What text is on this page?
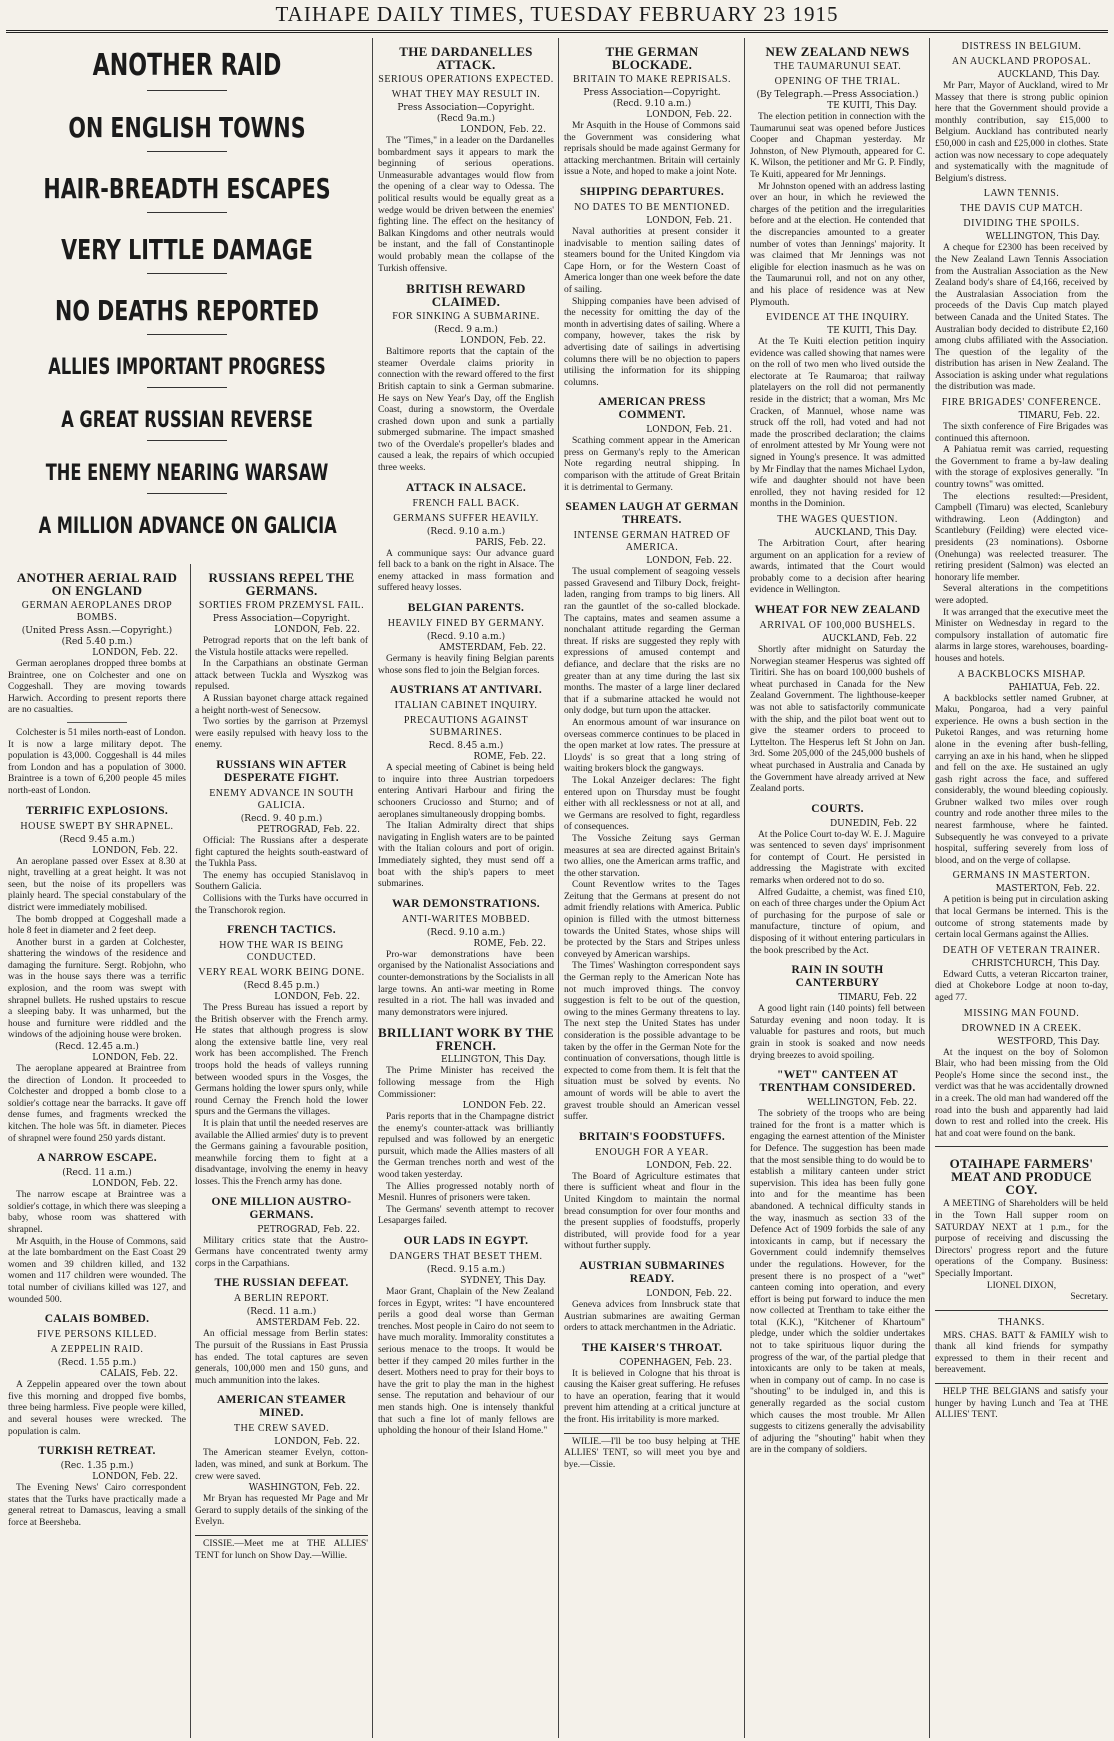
TAIHAPE DAILY TIMES, TUESDAY FEBRUARY 23 1915
ANOTHER RAID
ON ENGLISH TOWNS
HAIR-BREADTH ESCAPES
VERY LITTLE DAMAGE
NO DEATHS REPORTED
ALLIES IMPORTANT PROGRESS
A GREAT RUSSIAN REVERSE
THE ENEMY NEARING WARSAW
A MILLION ADVANCE ON GALICIA
ANOTHER AERIAL RAID ON ENGLAND
GERMAN AEROPLANES DROP BOMBS.
(United Press Assn.—Copyright.)
(Red 5.40 p.m.)
LONDON, Feb. 22.

German aeroplanes dropped three bombs at Braintree, one on Colchester and one on Coggeshall. They are moving towards Harwich. According to present reports there are no casualties.

Colchester is 51 miles north-east of London. It is now a large military depot. The population is 43,000. Coggeshall is 44 miles from London and has a population of 3000. Braintree is a town of 6,200 people 45 miles north-east of London.

TERRIFIC EXPLOSIONS.
HOUSE SWEPT BY SHRAPNEL.
(Recd 9.45 a.m.)
LONDON, Feb. 22.

An aeroplane passed over Essex at 8.30 at night, travelling at a great height. It was not seen, but the noise of its propellers was plainly heard. The special constabulary of the district were immediately mobilised.

The bomb dropped at Coggeshall made a hole 8 feet in diameter and 2 feet deep.

Another burst in a garden at Colchester, shattering the windows of the residence and damaging the furniture. Sergt. Robjohn, who was in the house says there was a terrific explosion, and the room was swept with shrapnel bullets. He rushed upstairs to rescue a sleeping baby. It was unharmed, but the house and furniture were riddled and the windows of the adjoining house were broken.

(Recd. 12.45 a.m.)
LONDON, Feb. 22.

The aeroplane appeared at Braintree from the direction of London. It proceeded to Colchester and dropped a bomb close to a soldier's cottage near the barracks. It gave off dense fumes, and fragments wrecked the kitchen. The hole was 5ft. in diameter. Pieces of shrapnel were found 250 yards distant.

A NARROW ESCAPE.
(Recd. 11 a.m.)
LONDON, Feb. 22.

The narrow escape at Braintree was a soldier's cottage, in which there was sleeping a baby, whose room was shattered with shrapnel.

Mr Asquith, in the House of Commons, said at the late bombardment on the East Coast 29 women and 39 children killed, and 132 women and 117 children were wounded. The total number of civilians killed was 127, and wounded 500.

CALAIS BOMBED.
FIVE PERSONS KILLED.
A ZEPPELIN RAID.
(Recd. 1.55 p.m.)
CALAIS, Feb. 22.

A Zeppelin appeared over the town about five this morning and dropped five bombs, three being harmless. Five people were killed, and several houses were wrecked. The population is calm.

TURKISH RETREAT.
(Rec. 1.35 p.m.)
LONDON, Feb. 22.

The Evening News' Cairo correspondent states that the Turks have practically made a general retreat to Damascus, leaving a small force at Beersheba.

RUSSIANS REPEL THE GERMANS.
SORTIES FROM PRZEMYSL FAIL.
Press Association—Copyright.
LONDON, Feb. 22.

Petrograd reports that on the left bank of the Vistula hostile attacks were repelled.

In the Carpathians an obstinate German attack between Tuckla and Wyszkog was repulsed.

A Russian bayonet charge attack regained a height north-west of Senecsow.

Two sorties by the garrison at Przemysl were easily repulsed with heavy loss to the enemy.

RUSSIANS WIN AFTER DESPERATE FIGHT.
ENEMY ADVANCE IN SOUTH GALICIA.
(Recd. 9. 40 p.m.)
PETROGRAD, Feb. 22.

Official: The Russians after a desperate fight captured the heights south-eastward of the Tukhla Pass.

The enemy has occupied Stanislavoq in Southern Galicia.

Collisions with the Turks have occurred in the Transchorok region.

FRENCH TACTICS.
HOW THE WAR IS BEING CONDUCTED.
VERY REAL WORK BEING DONE.
(Recd 8.45 p.m.)
LONDON, Feb. 22.

The Press Bureau has issued a report by the British observer with the French army. He states that although progress is slow along the extensive battle line, very real work has been accomplished. The French troops hold the heads of valleys running between wooded spurs in the Vosges, the Germans holding the lower spurs only, while round Cernay the French hold the lower spurs and the Germans the villages.

It is plain that until the needed reserves are available the Allied armies' duty is to prevent the Germans gaining a favourable position, meanwhile forcing them to fight at a disadvantage, involving the enemy in heavy losses. This the French army has done.

ONE MILLION AUSTRO-GERMANS.
PETROGRAD, Feb. 22.

Military critics state that the Austro-Germans have concentrated twenty army corps in the Carpathians.

THE RUSSIAN DEFEAT.
A BERLIN REPORT.
(Recd. 11 a.m.)
AMSTERDAM Feb. 22.

An official message from Berlin states: The pursuit of the Russians in East Prussia has ended. The total captures are seven generals, 100,000 men and 150 guns, and much ammunition into the lakes.

AMERICAN STEAMER MINED.
THE CREW SAVED.
LONDON, Feb. 22.

The American steamer Evelyn, cotton-laden, was mined, and sunk at Borkum. The crew were saved.

WASHINGTON, Feb. 22.

Mr Bryan has requested Mr Page and Mr Gerard to supply details of the sinking of the Evelyn.

CISSIE.—Meet me at THE ALLIES' TENT for lunch on Show Day.—Willie.

THE DARDANELLES ATTACK.
SERIOUS OPERATIONS EXPECTED.
WHAT THEY MAY RESULT IN.
Press Association—Copyright.
(Recd 9a.m.)
LONDON, Feb. 22.

The "Times," in a leader on the Dardanelles bombardment says it appears to mark the beginning of serious operations. Unmeasurable advantages would flow from the opening of a clear way to Odessa. The political results would be equally great as a wedge would be driven between the enemies' fighting line. The effect on the hesitancy of Balkan Kingdoms and other neutrals would be instant, and the fall of Constantinople would probably mean the collapse of the Turkish offensive.

BRITISH REWARD CLAIMED.
FOR SINKING A SUBMARINE.
(Recd. 9 a.m.)
LONDON, Feb. 22.

Baltimore reports that the captain of the steamer Overdale claims priority in connection with the reward offered to the first British captain to sink a German submarine. He says on New Year's Day, off the English Coast, during a snowstorm, the Overdale crashed down upon and sunk a partially submerged submarine. The impact smashed two of the Overdale's propeller's blades and caused a leak, the repairs of which occupied three weeks.

ATTACK IN ALSACE.
FRENCH FALL BACK.
GERMANS SUFFER HEAVILY.
(Recd. 9.10 a.m.)
PARIS, Feb. 22.

A communique says: Our advance guard fell back to a bank on the right in Alsace. The enemy attacked in mass formation and suffered heavy losses.

BELGIAN PARENTS.
HEAVILY FINED BY GERMANY.
(Recd. 9.10 a.m.)
AMSTERDAM, Feb. 22.

Germany is heavily fining Belgian parents whose sons fled to join the Belgian forces.

AUSTRIANS AT ANTIVARI.
ITALIAN CABINET INQUIRY.
PRECAUTIONS AGAINST SUBMARINES.
Recd. 8.45 a.m.)
ROME, Feb. 22.

A special meeting of Cabinet is being held to inquire into three Austrian torpedoers entering Antivari Harbour and firing the schooners Cruciosso and Sturno; and of aeroplanes simultaneously dropping bombs.

The Italian Admiralty direct that ships navigating in English waters are to be painted with the Italian colours and port of origin. Immediately sighted, they must send off a boat with the ship's papers to meet submarines.

WAR DEMONSTRATIONS.
ANTI-WARITES MOBBED.
(Recd. 9.10 a.m.)
ROME, Feb. 22.

Pro-war demonstrations have been organised by the Nationalist Associations and counter-demonstrations by the Socialists in all large towns. An anti-war meeting in Rome resulted in a riot. The hall was invaded and many demonstrators were injured.

BRILLIANT WORK BY THE FRENCH.
ELLINGTON, This Day.

The Prime Minister has received the following message from the High Commissioner:

LONDON Feb. 22.

Paris reports that in the Champagne district the enemy's counter-attack was brilliantly repulsed and was followed by an energetic pursuit, which made the Allies masters of all the German trenches north and west of the wood taken yesterday.

The Allies progressed notably north of Mesnil. Hunres of prisoners were taken.

The Germans' seventh attempt to recover Lesaparges failed.

OUR LADS IN EGYPT.
DANGERS THAT BESET THEM.
(Recd. 9.15 a.m.)
SYDNEY, This Day.

Maor Grant, Chaplain of the New Zealand forces in Egypt, writes: "I have encountered perils a good deal worse than German trenches. Most people in Cairo do not seem to have much morality. Immorality constitutes a serious menace to the troops. It would be better if they camped 20 miles further in the desert. Mothers need to pray for their boys to have the grit to play the man in the highest sense. The reputation and behaviour of our men stands high. One is intensely thankful that such a fine lot of manly fellows are upholding the honour of their Island Home."

THE GERMAN BLOCKADE.
BRITAIN TO MAKE REPRISALS.
Press Association—Copyright.
(Recd. 9.10 a.m.)
LONDON, Feb. 22.

Mr Asquith in the House of Commons said the Government was considering what reprisals should be made against Germany for attacking merchantmen. Britain will certainly issue a Note, and hoped to make a joint Note.

SHIPPING DEPARTURES.
NO DATES TO BE MENTIONED.
LONDON, Feb. 21.

Naval authorities at present consider it inadvisable to mention sailing dates of steamers bound for the United Kingdom via Cape Horn, or for the Western Coast of America longer than one week before the date of sailing.

Shipping companies have been advised of the necessity for omitting the day of the month in advertising dates of sailing. Where a company, however, takes the risk by advertising date of sailings in advertising columns there will be no objection to papers utilising the information for its shipping columns.

AMERICAN PRESS COMMENT.
LONDON, Feb. 21.

Scathing comment appear in the American press on Germany's reply to the American Note regarding neutral shipping. In comparison with the attitude of Great Britain it is detrimental to Germany.

SEAMEN LAUGH AT GERMAN THREATS.
INTENSE GERMAN HATRED OF AMERICA.
LONDON, Feb. 22.

The usual complement of seagoing vessels passed Gravesend and Tilbury Dock, freight-laden, ranging from tramps to big liners. All ran the gauntlet of the so-called blockade. The captains, mates and seamen assume a nonchalant attitude regarding the German threat. If risks are suggested they reply with expressions of amused contempt and defiance, and declare that the risks are no greater than at any time during the last six months. The master of a large liner declared that if a submarine attacked he would not only dodge, but turn upon the attacker.

An enormous amount of war insurance on overseas commerce continues to be placed in the open market at low rates. The pressure at Lloyds' is so great that a long string of waiting brokers block the gangways.

The Lokal Anzeiger declares: The fight entered upon on Thursday must be fought either with all recklessness or not at all, and we Germans are resolved to fight, regardless of consequences.

The Vossiche Zeitung says German measures at sea are directed against Britain's two allies, one the American arms traffic, and the other starvation.

Count Reventlow writes to the Tages Zeitung that the Germans at present do not admit friendly relations with America. Public opinion is filled with the utmost bitterness towards the United States, whose ships will be protected by the Stars and Stripes unless conveyed by American warships.

The Times' Washington correspondent says the German reply to the American Note has not much improved things. The convoy suggestion is felt to be out of the question, owing to the mines Germany threatens to lay. The next step the United States has under consideration is the possible advantage to be taken by the offer in the German Note for the continuation of conversations, though little is expected to come from them. It is felt that the situation must be solved by events. No amount of words will be able to avert the gravest trouble should an American vessel suffer.

BRITAIN'S FOODSTUFFS.
ENOUGH FOR A YEAR.
LONDON, Feb. 22.

The Board of Agriculture estimates that there is sufficient wheat and flour in the United Kingdom to maintain the normal bread consumption for over four months and the present supplies of foodstuffs, properly distributed, will provide food for a year without further supply.

AUSTRIAN SUBMARINES READY.
LONDON, Feb. 22.

Geneva advices from Innsbruck state that Austrian submarines are awaiting German orders to attack merchantmen in the Adriatic.

THE KAISER'S THROAT.
COPENHAGEN, Feb. 23.

It is believed in Cologne that his throat is causing the Kaiser great suffering. He refuses to have an operation, fearing that it would prevent him attending at a critical juncture at the front. His irritability is more marked.

WILIE.—I'll be too busy helping at THE ALLIES' TENT, so will meet you bye and bye.—Cissie.

NEW ZEALAND NEWS
THE TAUMARUNUI SEAT.
OPENING OF THE TRIAL.
(By Telegraph.—Press Association.)
TE KUITI, This Day.

The election petition in connection with the Taumarunui seat was opened before Justices Cooper and Chapman yesterday. Mr Johnston, of New Plymouth, appeared for C. K. Wilson, the petitioner and Mr G. P. Findly, Te Kuiti, appeared for Mr Jennings.

Mr Johnston opened with an address lasting over an hour, in which he reviewed the charges of the petition and the irregularities before and at the election. He contended that the discrepancies amounted to a greater number of votes than Jennings' majority. It was claimed that Mr Jennings was not eligible for election inasmuch as he was on the Taumarunui roll, and not on any other, and his place of residence was at New Plymouth.

EVIDENCE AT THE INQUIRY.
TE KUITI, This Day.

At the Te Kuiti election petition inquiry evidence was called showing that names were on the roll of two men who lived outside the electorate at Te Raumaroa; that railway platelayers on the roll did not permanently reside in the district; that a woman, Mrs Mc Cracken, of Mannuel, whose name was struck off the roll, had voted and had not made the proscribed declaration; the claims of enrolment attested by Mr Young were not signed in Young's presence. It was admitted by Mr Findlay that the names Michael Lydon, wife and daughter should not have been enrolled, they not having resided for 12 months in the Dominion.

THE WAGES QUESTION.
AUCKLAND, This Day.

The Arbitration Court, after hearing argument on an application for a review of awards, intimated that the Court would probably come to a decision after hearing evidence in Wellington.

WHEAT FOR NEW ZEALAND
ARRIVAL OF 100,000 BUSHELS.
AUCKLAND, Feb. 22

Shortly after midnight on Saturday the Norwegian steamer Hesperus was sighted off Tiritiri. She has on board 100,000 bushels of wheat purchased in Canada for the New Zealand Government. The lighthouse-keeper was not able to satisfactorily communicate with the ship, and the pilot boat went out to give the steamer orders to proceed to Lyttelton. The Hesperus left St John on Jan. 3rd. Some 205,000 of the 245,000 bushels of wheat purchased in Australia and Canada by the Government have already arrived at New Zealand ports.

COURTS.
DUNEDIN, Feb. 22

At the Police Court to-day W. E. J. Maguire was sentenced to seven days' imprisonment for contempt of Court. He persisted in addressing the Magistrate with excited remarks when ordered not to do so.

Alfred Gudaitte, a chemist, was fined £10, on each of three charges under the Opium Act of purchasing for the purpose of sale or manufacture, tincture of opium, and disposing of it without entering particulars in the book prescribed by the Act.

RAIN IN SOUTH CANTERBURY
TIMARU, Feb. 22

A good light rain (140 points) fell between Saturday evening and noon today. It is valuable for pastures and roots, but much grain in stook is soaked and now needs drying breezes to avoid spoiling.

"WET" CANTEEN AT TRENTHAM CONSIDERED.
WELLINGTON, Feb. 22.

The sobriety of the troops who are being trained for the front is a matter which is engaging the earnest attention of the Minister for Defence. The suggestion has been made that the most sensible thing to do would be to establish a military canteen under strict supervision. This idea has been fully gone into and for the meantime has been abandoned. A technical difficulty stands in the way, inasmuch as section 33 of the Defence Act of 1909 forbids the sale of any intoxicants in camp, but if necessary the Government could indemnify themselves under the regulations. However, for the present there is no prospect of a "wet" canteen coming into operation, and every effort is being put forward to induce the men now collected at Trentham to take either the total (K.K.), "Kitchener of Khartoum" pledge, under which the soldier undertakes not to take spirituous liquor during the progress of the war, of the partial pledge that intoxicants are only to be taken at meals, when in company out of camp. In no case is "shouting" to be indulged in, and this is generally regarded as the social custom which causes the most trouble. Mr Allen suggests to citizens generally the advisability of adjuring the "shouting" habit when they are in the company of soldiers.

DISTRESS IN BELGIUM.
AN AUCKLAND PROPOSAL.
AUCKLAND, This Day.

Mr Parr, Mayor of Auckland, wired to Mr Massey that there is strong public opinion here that the Government should provide a monthly contribution, say £15,000 to Belgium. Auckland has contributed nearly £50,000 in cash and £25,000 in clothes. State action was now necessary to cope adequately and systematically with the magnitude of Belgium's distress.

LAWN TENNIS.
THE DAVIS CUP MATCH.
DIVIDING THE SPOILS.
WELLINGTON, This Day.

A cheque for £2300 has been received by the New Zealand Lawn Tennis Association from the Australian Association as the New Zealand body's share of £4,166, received by the Australasian Association from the proceeds of the Davis Cup match played between Canada and the United States. The Australian body decided to distribute £2,160 among clubs affiliated with the Association. The question of the legality of the distribution has arisen in New Zealand. The Association is asking under what regulations the distribution was made.

FIRE BRIGADES' CONFERENCE.
TIMARU, Feb. 22.

The sixth conference of Fire Brigades was continued this afternoon.

A Pahiatua remit was carried, requesting the Government to frame a by-law dealing with the storage of explosives generally. "In country towns" was omitted.

The elections resulted:—President, Campbell (Timaru) was elected, Scanlebury withdrawing. Leon (Addington) and Scantlebury (Feilding) were elected vice-presidents (23 nominations). Osborne (Onehunga) was reelected treasurer. The retiring president (Salmon) was elected an honorary life member.

Several alterations in the competitions were adopted.

It was arranged that the executive meet the Minister on Wednesday in regard to the compulsory installation of automatic fire alarms in large stores, warehouses, boarding-houses and hotels.

A BACKBLOCKS MISHAP.
PAHIATUA, Feb. 22.

A backblocks settler named Grubner, at Maku, Pongaroa, had a very painful experience. He owns a bush section in the Puketoi Ranges, and was returning home alone in the evening after bush-felling, carrying an axe in his hand, when he slipped and fell on the axe. He sustained an ugly gash right across the face, and suffered considerably, the wound bleeding copiously. Grubner walked two miles over rough country and rode another three miles to the nearest farmhouse, where he fainted. Subsequently he was conveyed to a private hospital, suffering severely from loss of blood, and on the verge of collapse.

GERMANS IN MASTERTON.
MASTERTON, Feb. 22.

A petition is being put in circulation asking that local Germans be interned. This is the outcome of strong statements made by certain local Germans against the Allies.

DEATH OF VETERAN TRAINER.
CHRISTCHURCH, This Day.

Edward Cutts, a veteran Riccarton trainer, died at Chokebore Lodge at noon to-day, aged 77.

MISSING MAN FOUND.
DROWNED IN A CREEK.
WESTFORD, This Day.

At the inquest on the boy of Solomon Blair, who had been missing from the Old People's Home since the second inst., the verdict was that he was accidentally drowned in a creek. The old man had wandered off the road into the bush and apparently had laid down to rest and rolled into the creek. His hat and coat were found on the bank.

OTAIHAPE FARMERS' MEAT AND PRODUCE COY.

A MEETING of Shareholders will be held in the Town Hall supper room on SATURDAY NEXT at 1 p.m., for the purpose of receiving and discussing the Directors' progress report and the future operations of the Company. Business: Specially Important.

LIONEL DIXON,
Secretary.
THANKS.

MRS. CHAS. BATT & FAMILY wish to thank all kind friends for sympathy expressed to them in their recent and bereavement.

HELP THE BELGIANS and satisfy your hunger by having Lunch and Tea at THE ALLIES' TENT.
